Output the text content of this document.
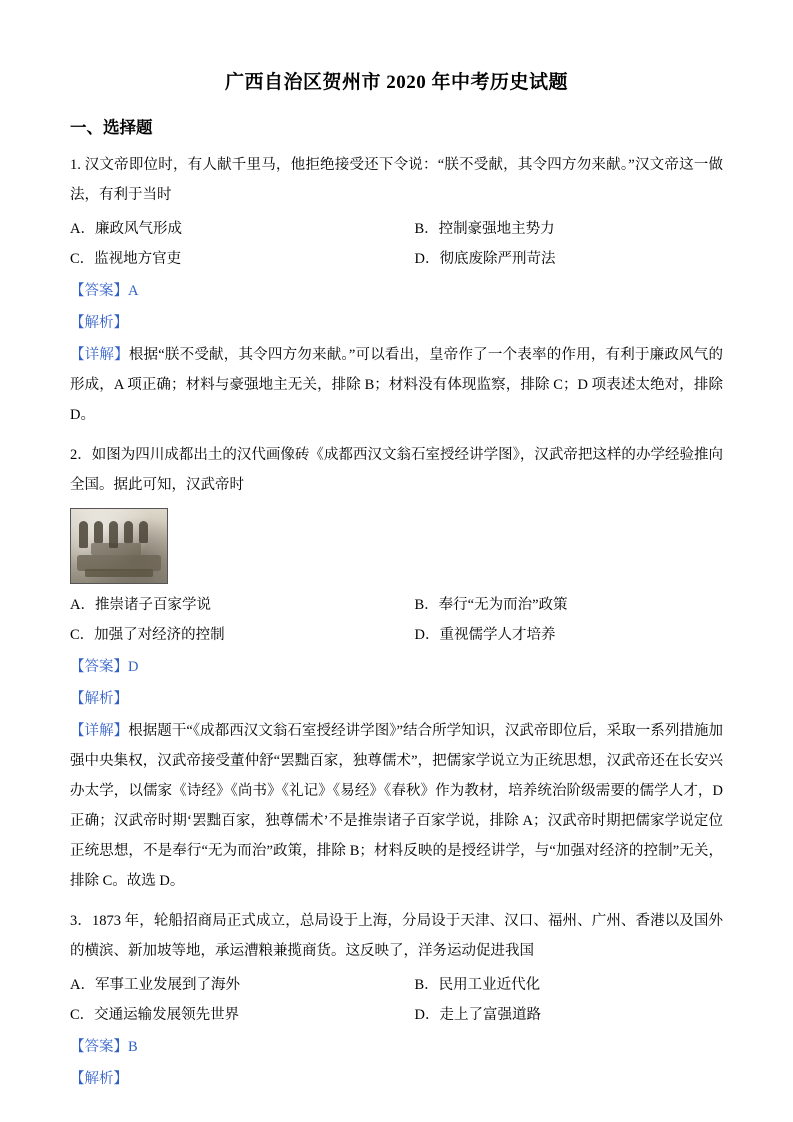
广西自治区贺州市 2020 年中考历史试题
一、选择题

1. 汉文帝即位时，有人献千里马，他拒绝接受还下令说：“朕不受献，其令四方勿来献。”汉文帝这一做法，有利于当时

A．廉政风气形成	B．控制豪强地主势力
C．监视地方官吏	D．彻底废除严刑苛法

【答案】A

【解析】

【详解】根据“朕不受献，其令四方勿来献。”可以看出，皇帝作了一个表率的作用，有利于廉政风气的形成，A 项正确；材料与豪强地主无关，排除 B；材料没有体现监察，排除 C；D 项表述太绝对，排除 D。

2．如图为四川成都出土的汉代画像砖《成都西汉文翁石室授经讲学图》，汉武帝把这样的办学经验推向全国。据此可知，汉武帝时

A．推崇诸子百家学说	B．奉行“无为而治”政策
C．加强了对经济的控制	D．重视儒学人才培养

【答案】D

【解析】

【详解】根据题干“《成都西汉文翁石室授经讲学图》”结合所学知识，汉武帝即位后，采取一系列措施加强中央集权，汉武帝接受董仲舒“罢黜百家，独尊儒术”，把儒家学说立为正统思想，汉武帝还在长安兴办太学，以儒家《诗经》《尚书》《礼记》《易经》《春秋》作为教材，培养统治阶级需要的儒学人才，D 正确；汉武帝时期‘罢黜百家，独尊儒术’不是推崇诸子百家学说，排除 A；汉武帝时期把儒家学说定位正统思想，不是奉行“无为而治”政策，排除 B；材料反映的是授经讲学，与“加强对经济的控制”无关，排除 C。故选 D。

3．1873 年，轮船招商局正式成立，总局设于上海，分局设于天津、汉口、福州、广州、香港以及国外的横滨、新加坡等地，承运漕粮兼揽商货。这反映了，洋务运动促进我国

A．军事工业发展到了海外	B．民用工业近代化
C．交通运输发展领先世界	D．走上了富强道路

【答案】B

【解析】
